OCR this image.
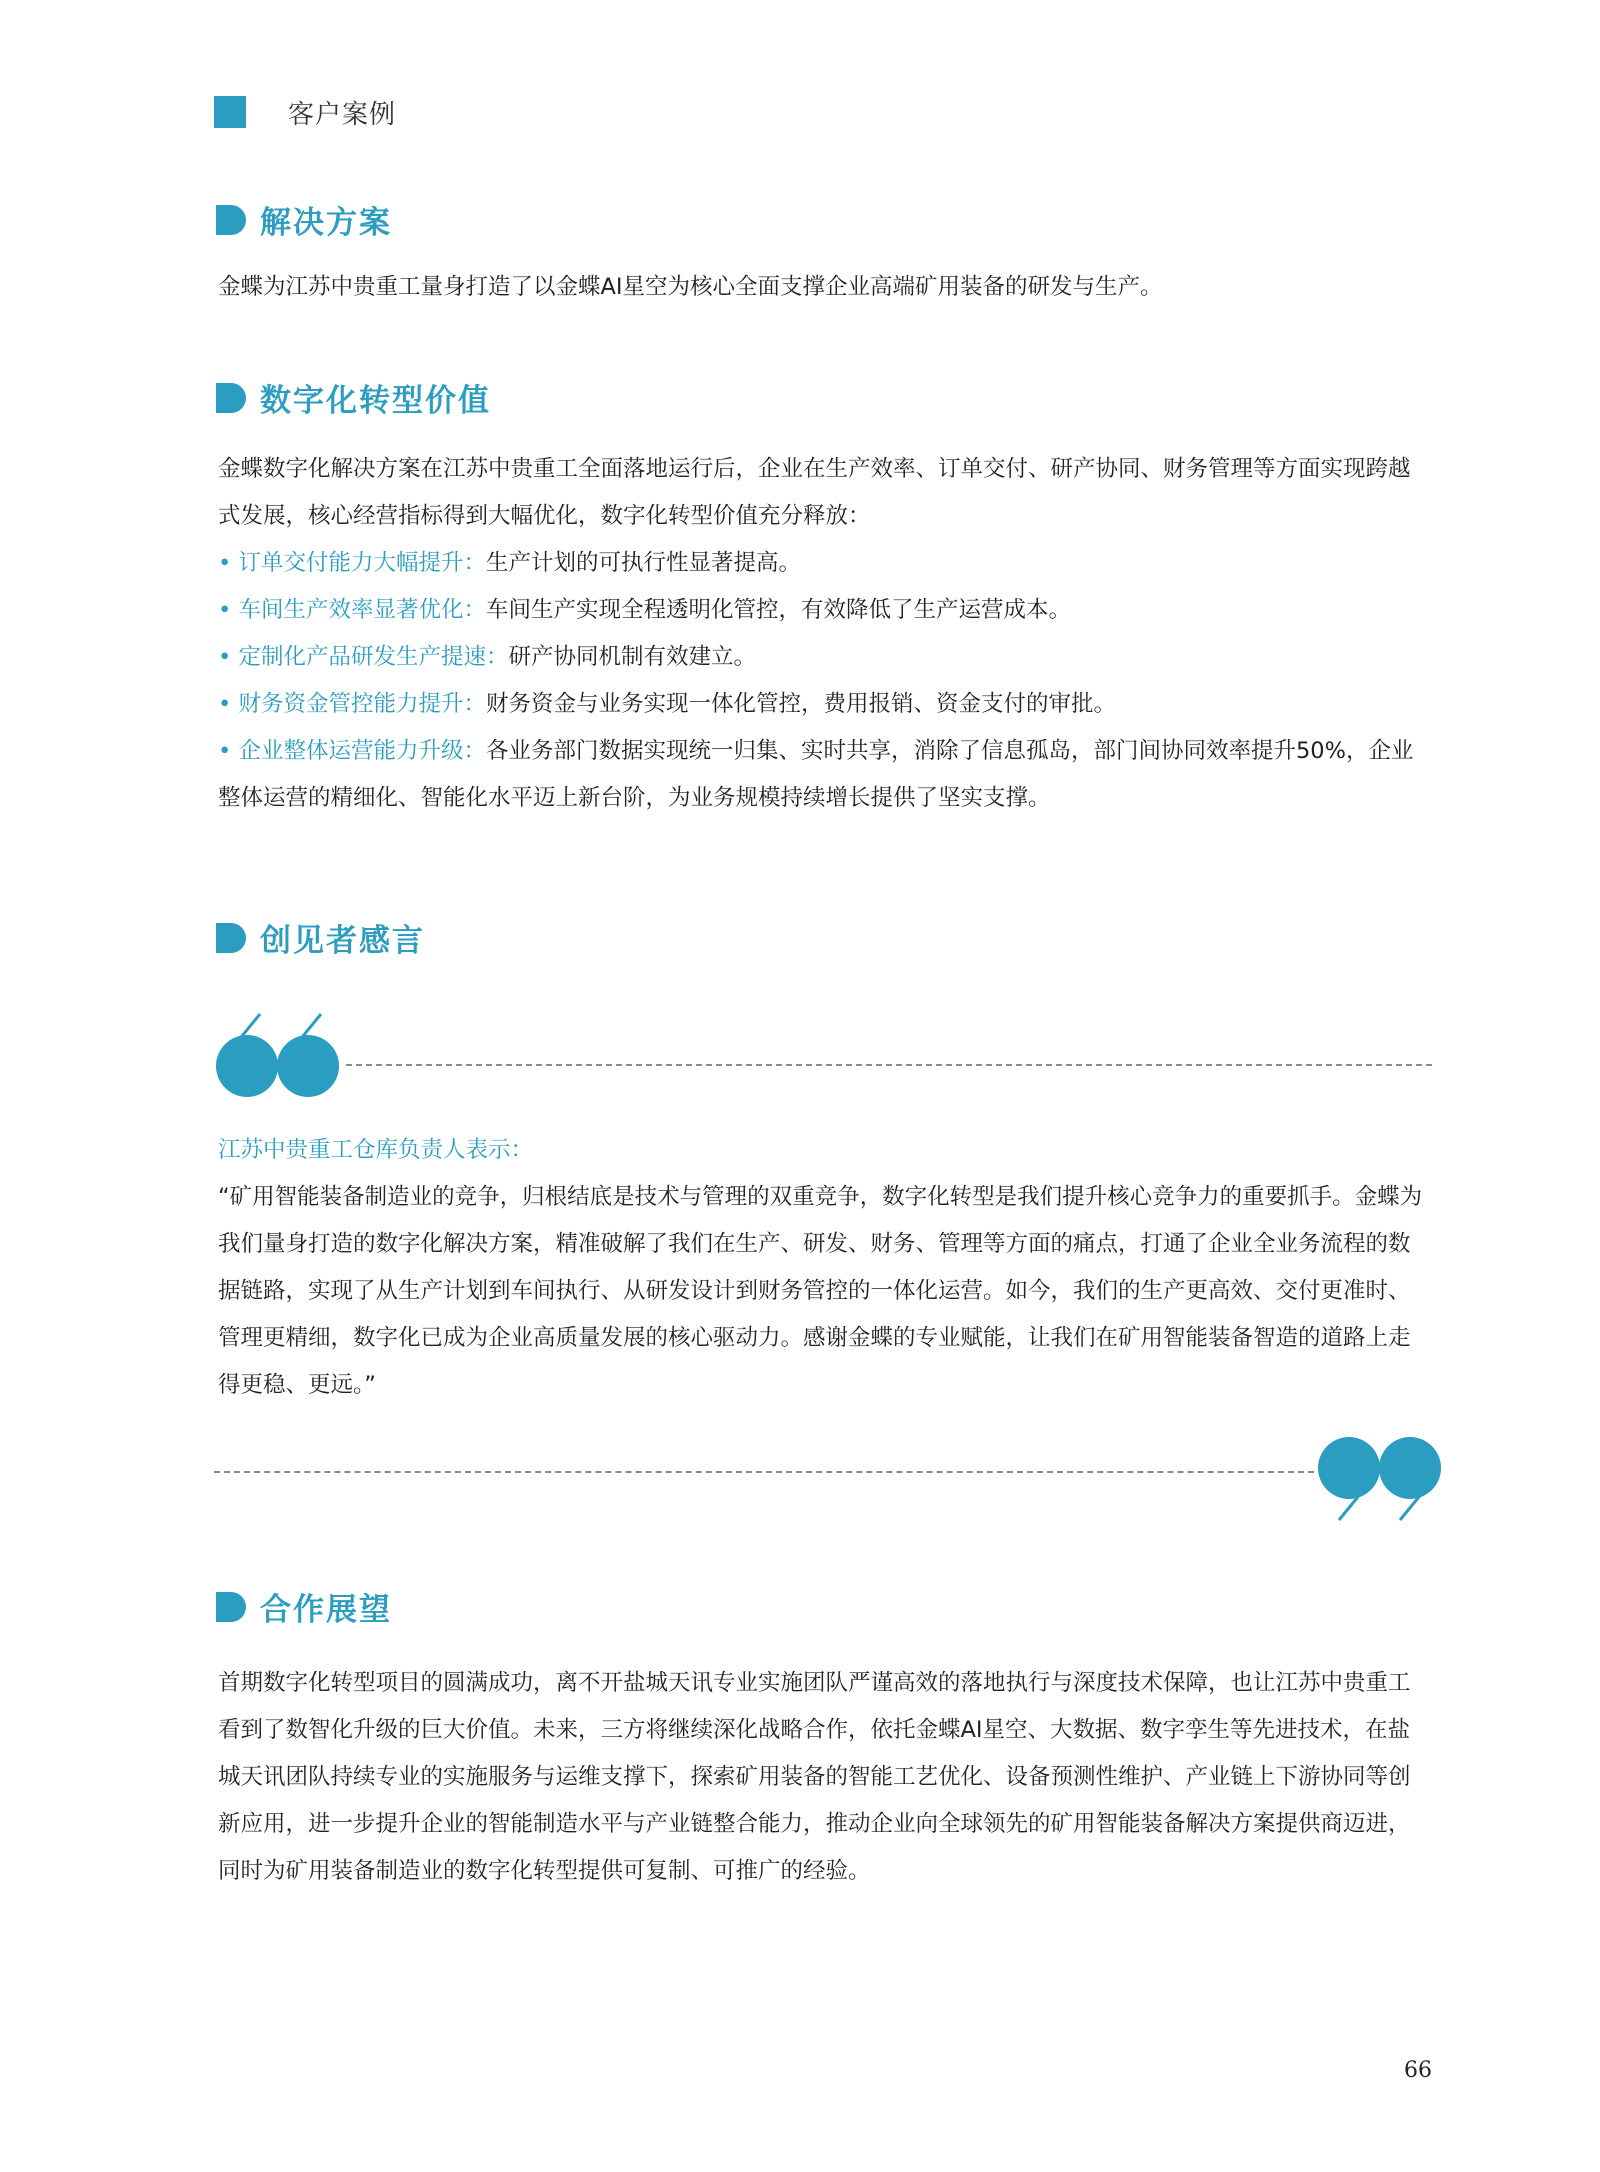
客户案例
解决方案

金蝶为江苏中贵重工量身打造了以金蝶AI星空为核心全面支撑企业高端矿用装备的研发与生产。

数字化转型价值

金蝶数字化解决方案在江苏中贵重工全面落地运行后，企业在生产效率、订单交付、研产协同、财务管理等方面实现跨越式发展，核心经营指标得到大幅优化，数字化转型价值充分释放：

• 订单交付能力大幅提升：生产计划的可执行性显著提高。
• 车间生产效率显著优化：车间生产实现全程透明化管控，有效降低了生产运营成本。
• 定制化产品研发生产提速：研产协同机制有效建立。
• 财务资金管控能力提升：财务资金与业务实现一体化管控，费用报销、资金支付的审批。
• 企业整体运营能力升级：各业务部门数据实现统一归集、实时共享，消除了信息孤岛，部门间协同效率提升50%，企业整体运营的精细化、智能化水平迈上新台阶，为业务规模持续增长提供了坚实支撑。
创见者感言

江苏中贵重工仓库负责人表示：

“矿用智能装备制造业的竞争，归根结底是技术与管理的双重竞争，数字化转型是我们提升核心竞争力的重要抓手。金蝶为我们量身打造的数字化解决方案，精准破解了我们在生产、研发、财务、管理等方面的痛点，打通了企业全业务流程的数据链路，实现了从生产计划到车间执行、从研发设计到财务管控的一体化运营。如今，我们的生产更高效、交付更准时、管理更精细，数字化已成为企业高质量发展的核心驱动力。感谢金蝶的专业赋能，让我们在矿用智能装备智造的道路上走得更稳、更远。”

合作展望

首期数字化转型项目的圆满成功，离不开盐城天讯专业实施团队严谨高效的落地执行与深度技术保障，也让江苏中贵重工看到了数智化升级的巨大价值。未来，三方将继续深化战略合作，依托金蝶AI星空、大数据、数字孪生等先进技术，在盐城天讯团队持续专业的实施服务与运维支撑下，探索矿用装备的智能工艺优化、设备预测性维护、产业链上下游协同等创新应用，进一步提升企业的智能制造水平与产业链整合能力，推动企业向全球领先的矿用智能装备解决方案提供商迈进，同时为矿用装备制造业的数字化转型提供可复制、可推广的经验。

66
